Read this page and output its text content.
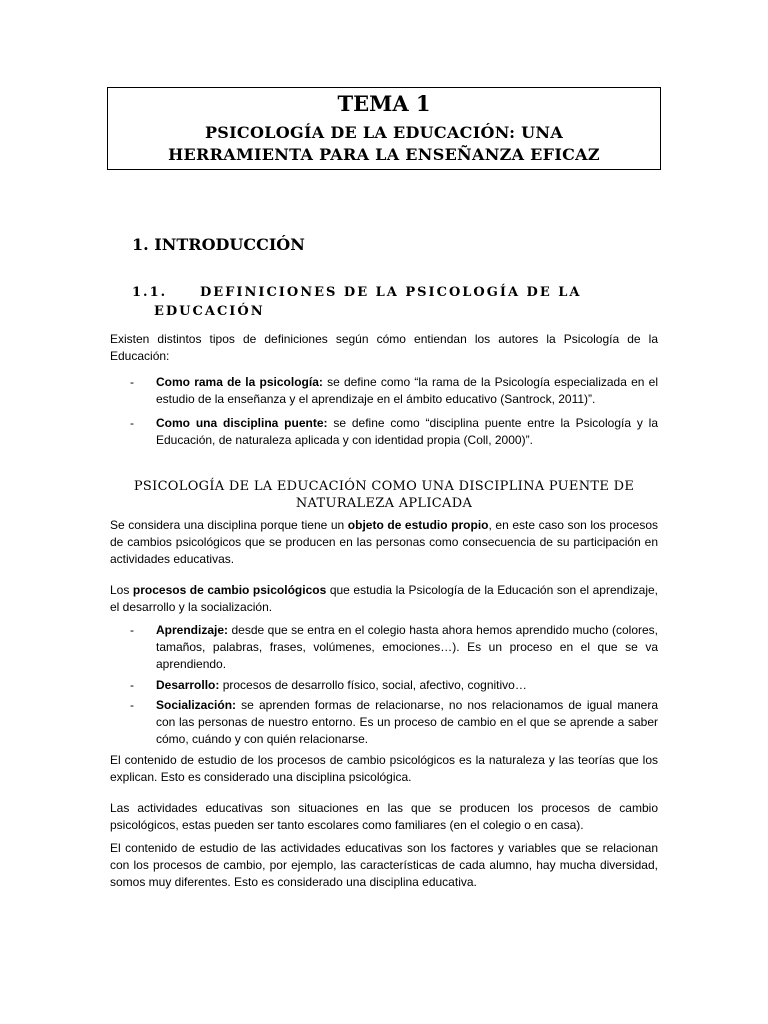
TEMA 1
PSICOLOGÍA DE LA EDUCACIÓN: UNA
HERRAMIENTA PARA LA ENSEÑANZA EFICAZ
1. INTRODUCCIÓN
1.1.	DEFINICIONES DE LA PSICOLOGÍA DE LA
EDUCACIÓN
Existen distintos tipos de definiciones según cómo entiendan los autores la Psicología de la Educación:
- Como rama de la psicología: se define como “la rama de la Psicología especializada en el estudio de la enseñanza y el aprendizaje en el ámbito educativo (Santrock, 2011)”.
- Como una disciplina puente: se define como “disciplina puente entre la Psicología y la Educación, de naturaleza aplicada y con identidad propia (Coll, 2000)”.
PSICOLOGÍA DE LA EDUCACIÓN COMO UNA DISCIPLINA PUENTE DE
NATURALEZA APLICADA
Se considera una disciplina porque tiene un objeto de estudio propio, en este caso son los procesos de cambios psicológicos que se producen en las personas como consecuencia de su participación en actividades educativas.
Los procesos de cambio psicológicos que estudia la Psicología de la Educación son el aprendizaje, el desarrollo y la socialización.
- Aprendizaje: desde que se entra en el colegio hasta ahora hemos aprendido mucho (colores, tamaños, palabras, frases, volúmenes, emociones…). Es un proceso en el que se va aprendiendo.
- Desarrollo: procesos de desarrollo físico, social, afectivo, cognitivo…
- Socialización: se aprenden formas de relacionarse, no nos relacionamos de igual manera con las personas de nuestro entorno. Es un proceso de cambio en el que se aprende a saber cómo, cuándo y con quién relacionarse.
El contenido de estudio de los procesos de cambio psicológicos es la naturaleza y las teorías que los explican. Esto es considerado una disciplina psicológica.
Las actividades educativas son situaciones en las que se producen los procesos de cambio psicológicos, estas pueden ser tanto escolares como familiares (en el colegio o en casa).
El contenido de estudio de las actividades educativas son los factores y variables que se relacionan con los procesos de cambio, por ejemplo, las características de cada alumno, hay mucha diversidad, somos muy diferentes. Esto es considerado una disciplina educativa.
